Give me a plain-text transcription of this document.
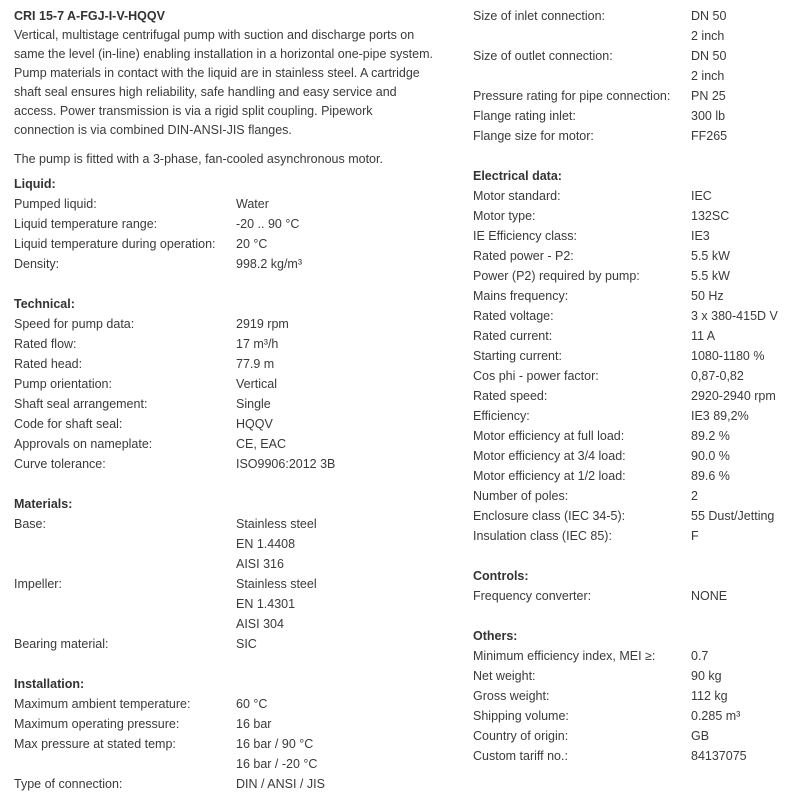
CRI 15-7 A-FGJ-I-V-HQQV

Vertical, multistage centrifugal pump with suction and discharge ports on

same the level (in-line) enabling installation in a horizontal one-pipe system.

Pump materials in contact with the liquid are in stainless steel. A cartridge

shaft seal ensures high reliability, safe handling and easy service and

access. Power transmission is via a rigid split coupling. Pipework

connection is via combined DIN-ANSI-JIS flanges.

The pump is fitted with a 3-phase, fan-cooled asynchronous motor.

Liquid:
Pumped liquid:	Water
Liquid temperature range:	-20 .. 90 °C
Liquid temperature during operation: 20 °C
Density:	998.2 kg/m³
Technical:
Speed for pump data:	2919 rpm
Rated flow:	17 m³/h
Rated head:	77.9 m
Pump orientation:	Vertical
Shaft seal arrangement:	Single
Code for shaft seal:	HQQV
Approvals on nameplate:	CE, EAC
Curve tolerance:	ISO9906:2012 3B
Materials:
Base:	Stainless steel
EN 1.4408
AISI 316
Impeller:	Stainless steel
EN 1.4301
AISI 304
Bearing material:	SIC
Installation:
Maximum ambient temperature:	60 °C
Maximum operating pressure:	16 bar
Max pressure at stated temp:	16 bar / 90 °C
16 bar / -20 °C
Type of connection:	DIN / ANSI / JIS
Size of inlet connection:	DN 50
2 inch
Size of outlet connection:	DN 50
2 inch
Pressure rating for pipe connection: PN 25
Flange rating inlet:	300 lb
Flange size for motor:	FF265
Electrical data:
Motor standard:	IEC
Motor type:	132SC
IE Efficiency class:	IE3
Rated power - P2:	5.5 kW
Power (P2) required by pump:	5.5 kW
Mains frequency:	50 Hz
Rated voltage:	3 x 380-415D V
Rated current:	11 A
Starting current:	1080-1180 %
Cos phi - power factor:	0,87-0,82
Rated speed:	2920-2940 rpm
Efficiency:	IE3 89,2%
Motor efficiency at full load:	89.2 %
Motor efficiency at 3/4 load:	90.0 %
Motor efficiency at 1/2 load:	89.6 %
Number of poles:	2
Enclosure class (IEC 34-5):	55 Dust/Jetting
Insulation class (IEC 85):	F
Controls:
Frequency converter:	NONE
Others:
Minimum efficiency index, MEI ≥:	0.7
Net weight:	90 kg
Gross weight:	112 kg
Shipping volume:	0.285 m³
Country of origin:	GB
Custom tariff no.:	84137075
